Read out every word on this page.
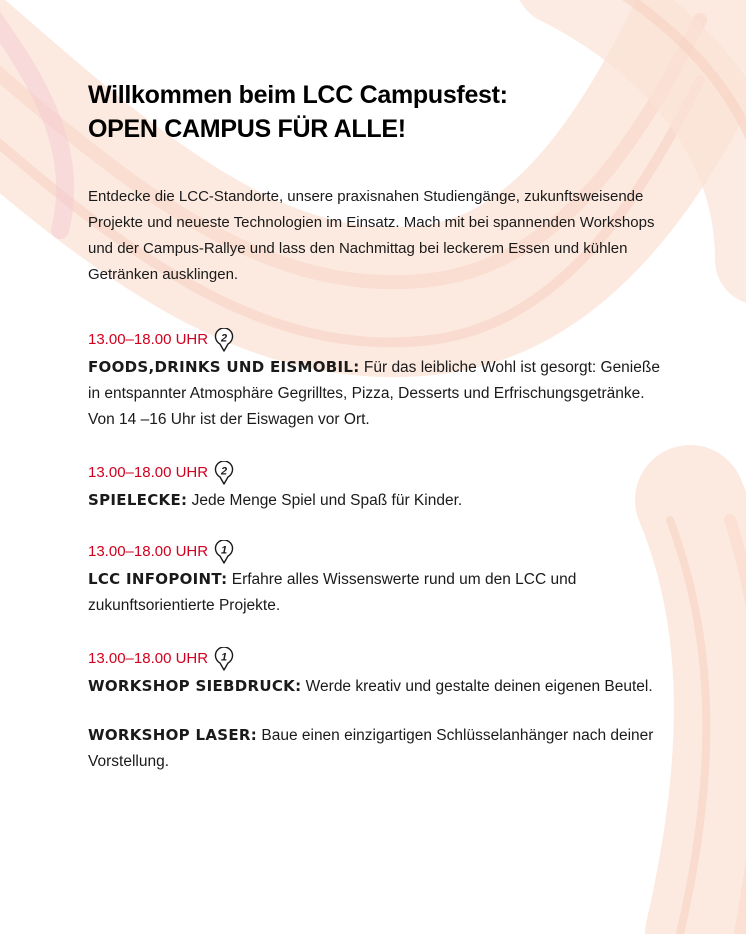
Willkommen beim LCC Campusfest:
OPEN CAMPUS FÜR ALLE!

Entdecke die LCC-Standorte, unsere praxisnahen Studiengänge, zukunftsweisende Projekte und neueste Technologien im Einsatz. Mach mit bei spannenden Workshops und der Campus-Rallye und lass den Nachmittag bei leckerem Essen und kühlen Getränken ausklingen.

13.00–18.00 UHR 2

FOODS,DRINKS UND EISMOBIL: Für das leibliche Wohl ist gesorgt: Genieße in entspannter Atmosphäre Gegrilltes, Pizza, Desserts und Erfrischungsgetränke. Von 14 –16 Uhr ist der Eiswagen vor Ort.

13.00–18.00 UHR 2

SPIELECKE: Jede Menge Spiel und Spaß für Kinder.

13.00–18.00 UHR 1

LCC INFOPOINT: Erfahre alles Wissenswerte rund um den LCC und zukunftsorientierte Projekte.

13.00–18.00 UHR 1

WORKSHOP SIEBDRUCK: Werde kreativ und gestalte deinen eigenen Beutel.

WORKSHOP LASER: Baue einen einzigartigen Schlüsselanhänger nach deiner Vorstellung.
